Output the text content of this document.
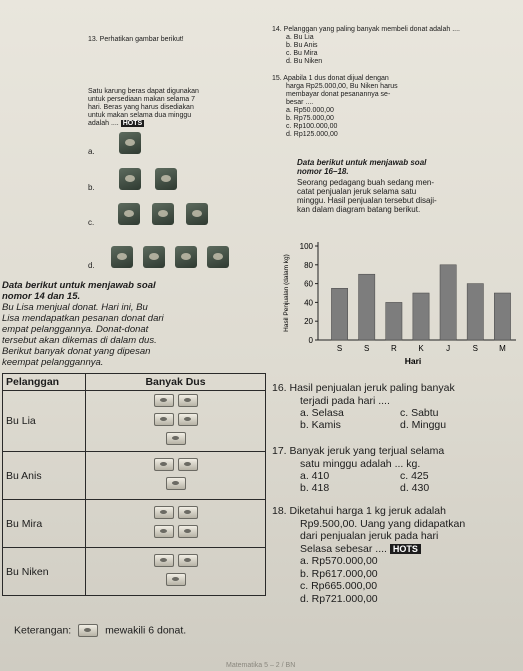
13. Perhatikan gambar berikut!
Satu karung beras dapat digunakan
untuk persediaan makan selama 7
hari. Beras yang harus disediakan
untuk makan selama dua minggu
adalah .... HOTS
a.
b.
c.
d.
14. Pelanggan yang paling banyak membeli donat adalah ....
a. Bu Lia
b. Bu Anis
c. Bu Mira
d. Bu Niken
15. Apabila 1 dus donat dijual dengan
harga Rp25.000,00, Bu Niken harus
membayar donat pesanannya se-
besar ....
a. Rp50.000,00
b. Rp75.000,00
c. Rp100.000,00
d. Rp125.000,00
Data berikut untuk menjawab soal
nomor 16–18.
Seorang pedagang buah sedang men-
catat penjualan jeruk selama satu
minggu. Hasil penjualan tersebut disaji-
kan dalam diagram batang berikut.
Data berikut untuk menjawab soal
nomor 14 dan 15.
Bu Lisa menjual donat. Hari ini, Bu
Lisa mendapatkan pesanan donat dari
empat pelanggannya. Donat-donat
tersebut akan dikemas di dalam dus.
Berikut banyak donat yang dipesan
keempat pelanggannya.
Pelanggan	Banyak Dus
Bu Lia	

Bu Anis	

Bu Mira	

Bu Niken	
Keterangan:	mewakili 6 donat.
0
20
40
60
80
100
Hasil Penjualan (dalam kg)
S	S	R	K	J	S	M
Hari
16. Hasil penjualan jeruk paling banyak
terjadi pada hari ....
a. Selasa	c. Sabtu
b. Kamis	d. Minggu
17. Banyak jeruk yang terjual selama
satu minggu adalah ... kg.
a. 410	c. 425
b. 418	d. 430
18. Diketahui harga 1 kg jeruk adalah
Rp9.500,00. Uang yang didapatkan
dari penjualan jeruk pada hari
Selasa sebesar .... HOTS
a. Rp570.000,00
b. Rp617.000,00
c. Rp665.000,00
d. Rp721.000,00
Matematika 5 – 2 / BN
